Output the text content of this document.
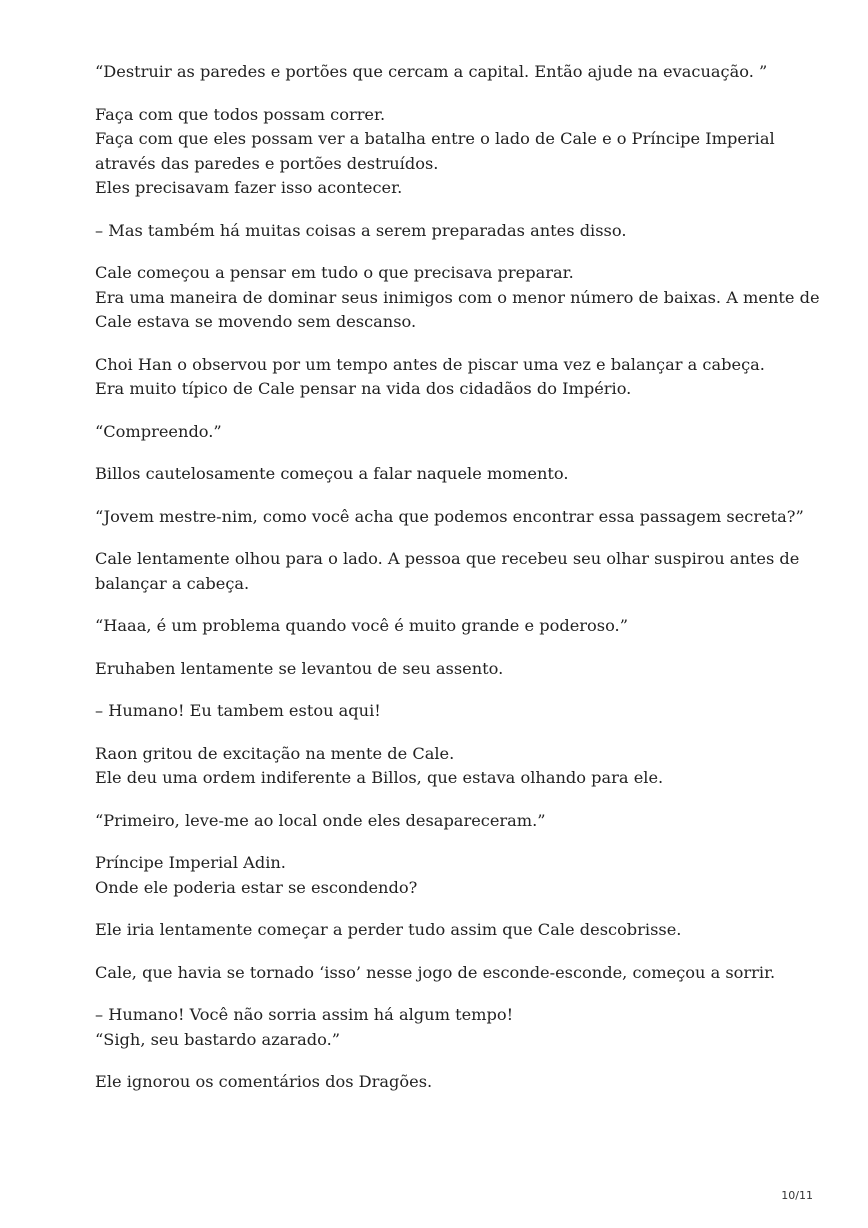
“Destruir as paredes e portões que cercam a capital. Então ajude na evacuação. ”

Faça com que todos possam correr.
Faça com que eles possam ver a batalha entre o lado de Cale e o Príncipe Imperial
através das paredes e portões destruídos.
Eles precisavam fazer isso acontecer.

– Mas também há muitas coisas a serem preparadas antes disso.

Cale começou a pensar em tudo o que precisava preparar.
Era uma maneira de dominar seus inimigos com o menor número de baixas. A mente de
Cale estava se movendo sem descanso.

Choi Han o observou por um tempo antes de piscar uma vez e balançar a cabeça.
Era muito típico de Cale pensar na vida dos cidadãos do Império.

“Compreendo.”

Billos cautelosamente começou a falar naquele momento.

“Jovem mestre-nim, como você acha que podemos encontrar essa passagem secreta?”

Cale lentamente olhou para o lado. A pessoa que recebeu seu olhar suspirou antes de
balançar a cabeça.

“Haaa, é um problema quando você é muito grande e poderoso.”

Eruhaben lentamente se levantou de seu assento.

– Humano! Eu tambem estou aqui!

Raon gritou de excitação na mente de Cale.
Ele deu uma ordem indiferente a Billos, que estava olhando para ele.

“Primeiro, leve-me ao local onde eles desapareceram.”

Príncipe Imperial Adin.
Onde ele poderia estar se escondendo?

Ele iria lentamente começar a perder tudo assim que Cale descobrisse.

Cale, que havia se tornado ‘isso’ nesse jogo de esconde-esconde, começou a sorrir.

– Humano! Você não sorria assim há algum tempo!
“Sigh, seu bastardo azarado.”

Ele ignorou os comentários dos Dragões.

10/11
